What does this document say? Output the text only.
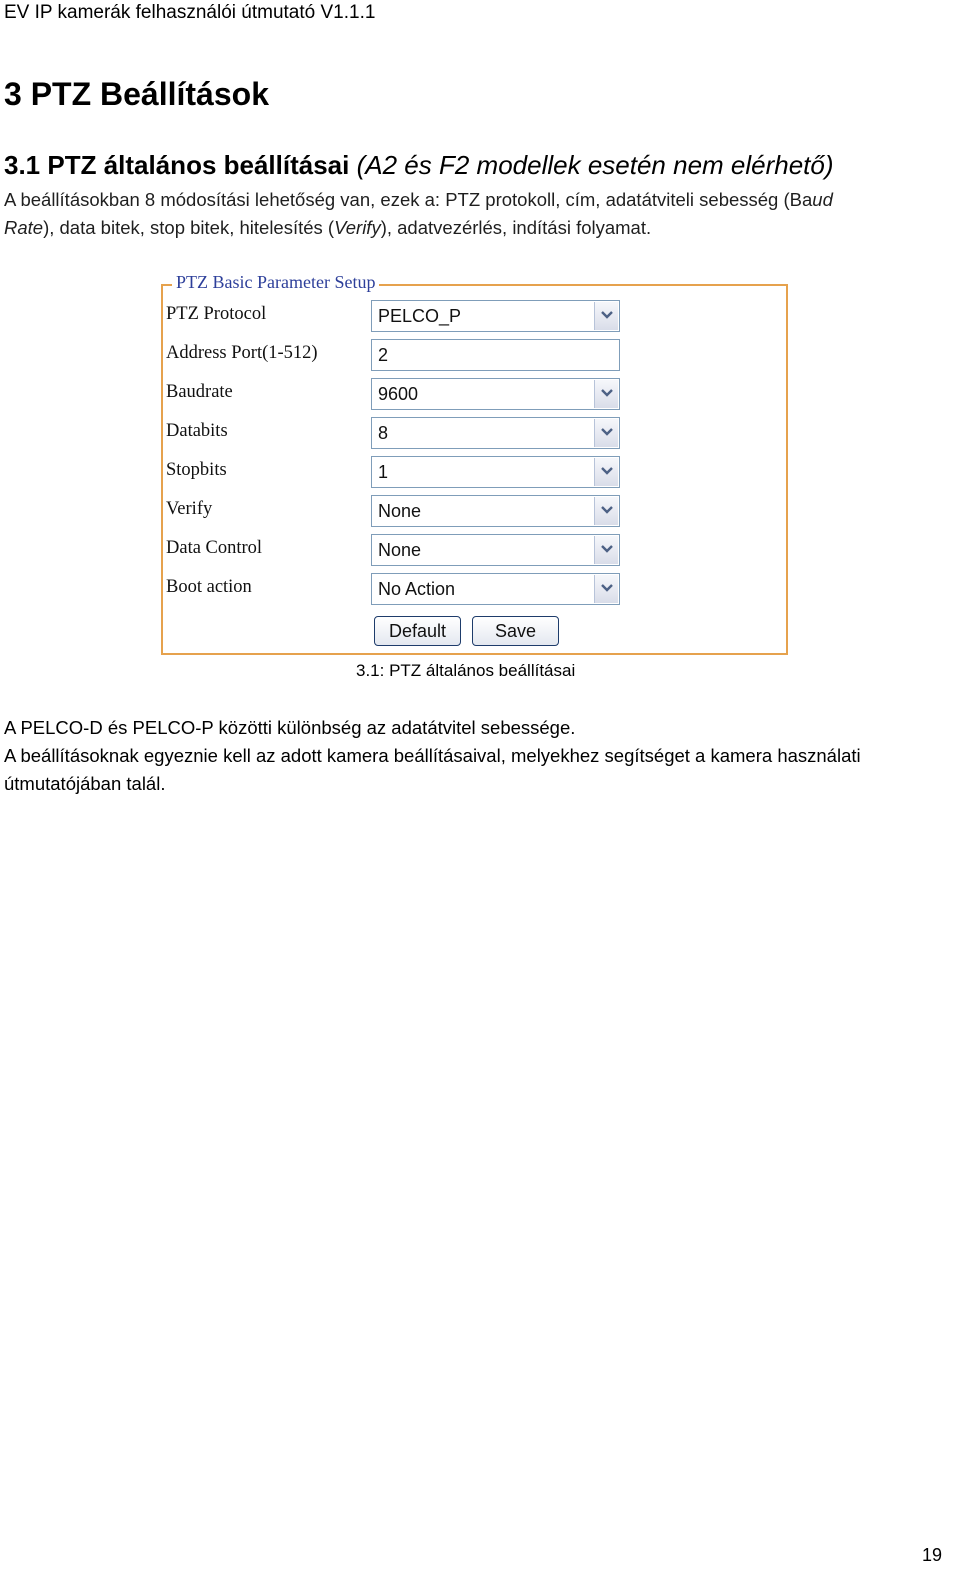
EV IP kamerák felhasználói útmutató V1.1.1
3 PTZ Beállítások
3.1 PTZ általános beállításai (A2 és F2 modellek esetén nem elérhető)
A beállításokban 8 módosítási lehetőség van, ezek a: PTZ protokoll, cím, adatátviteli sebesség (Baud
Rate), data bitek, stop bitek, hitelesítés (Verify), adatvezérlés, indítási folyamat.
PTZ Basic Parameter Setup
PTZ Protocol	PELCO_P
Address Port(1-512)	2
Baudrate	9600
Databits	8
Stopbits	1
Verify	None
Data Control	None
Boot action	No Action
Default	Save
3.1: PTZ általános beállításai
A PELCO-D és PELCO-P közötti különbség az adatátvitel sebessége.
A beállításoknak egyeznie kell az adott kamera beállításaival, melyekhez segítséget a kamera használati
útmutatójában talál.
19
